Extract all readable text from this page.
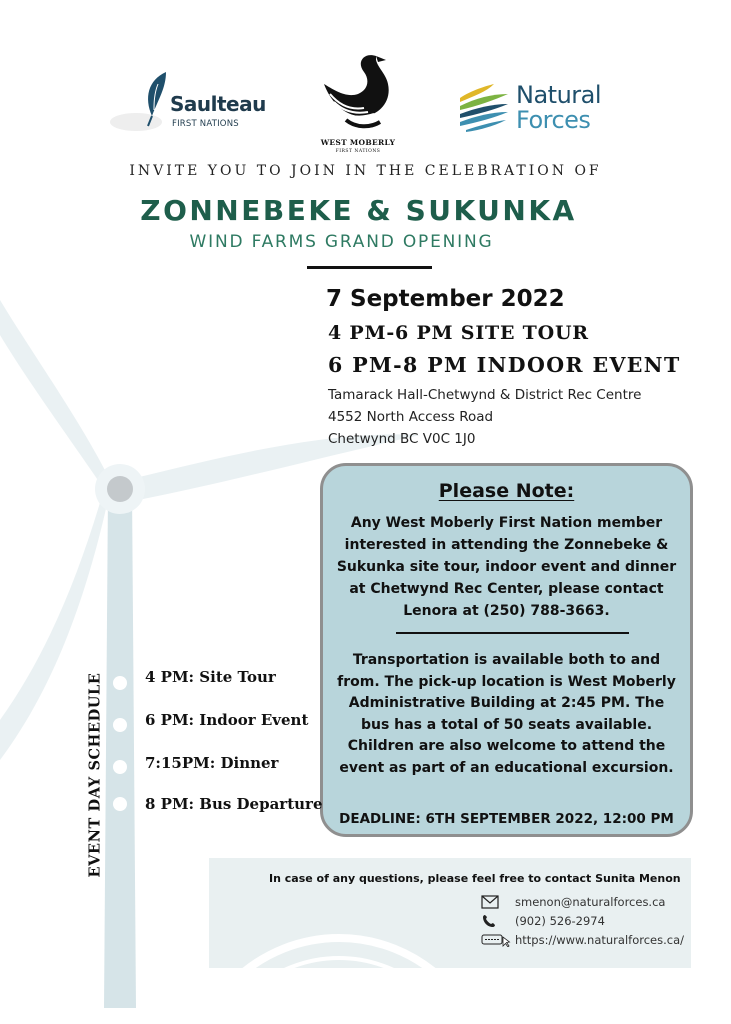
Saulteau
FIRST NATIONS
WEST MOBERLY
FIRST NATIONS
Natural
Forces
INVITE YOU TO JOIN IN THE CELEBRATION OF
ZONNEBEKE & SUKUNKA
WIND FARMS GRAND OPENING
7 September 2022
4 PM-6 PM SITE TOUR
6 PM-8 PM INDOOR EVENT
Tamarack Hall-Chetwynd & District Rec Centre
4552 North Access Road
Chetwynd BC V0C 1J0
Please Note:
Any West Moberly First Nation member interested in attending the Zonnebeke & Sukunka site tour, indoor event and dinner at Chetwynd Rec Center, please contact Lenora at (250) 788-3663.
Transportation is available both to and from. The pick-up location is West Moberly Administrative Building at 2:45 PM. The bus has a total of 50 seats available. Children are also welcome to attend the event as part of an educational excursion.
DEADLINE: 6TH SEPTEMBER 2022, 12:00 PM
EVENT DAY SCHEDULE	4 PM: Site Tour
6 PM: Indoor Event
7:15PM: Dinner
8 PM: Bus Departure
In case of any questions, please feel free to contact Sunita Menon
smenon@naturalforces.ca
(902) 526-2974
https://www.naturalforces.ca/
